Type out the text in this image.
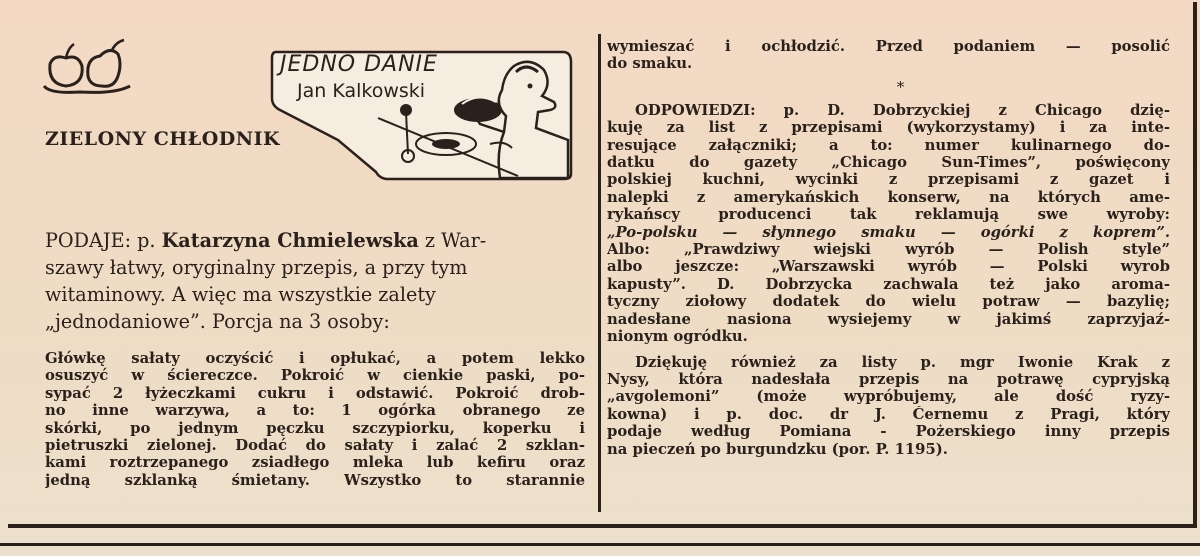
ZIELONY CHŁODNIK
JEDNO DANIE
Jan Kalkowski
PODAJE: p. Katarzyna Chmielewska z War-
szawy łatwy, oryginalny przepis, a przy tym
witaminowy. A więc ma wszystkie zalety
„jednodaniowe”. Porcja na 3 osoby:
Główkę sałaty oczyścić i opłukać, a potem lekko
osuszyć w ściereczce. Pokroić w cienkie paski, po-
sypać 2 łyżeczkami cukru i odstawić. Pokroić drob-
no inne warzywa, a to: 1 ogórka obranego ze
skórki, po jednym pęczku szczypiorku, koperku i
pietruszki zielonej. Dodać do sałaty i zalać 2 szklan-
kami roztrzepanego zsiadłego mleka lub kefiru oraz
jedną szklanką śmietany. Wszystko to starannie
wymieszać i ochłodzić. Przed podaniem — posolić
do smaku.
*
ODPOWIEDZI: p. D. Dobrzyckiej z Chicago dzię-
kuję za list z przepisami (wykorzystamy) i za inte-
resujące załączniki; a to: numer kulinarnego do-
datku do gazety „Chicago Sun-Times”, poświęcony
polskiej kuchni, wycinki z przepisami z gazet i
nalepki z amerykańskich konserw, na których ame-
rykańscy producenci tak reklamują swe wyroby:
„Po-polsku — słynnego smaku — ogórki z koprem”.
Albo: „Prawdziwy wiejski wyrób — Polish style”
albo jeszcze: „Warszawski wyrób — Polski wyrob
kapusty”. D. Dobrzycka zachwala też jako aroma-
tyczny ziołowy dodatek do wielu potraw — bazylię;
nadesłane nasiona wysiejemy w jakimś zaprzyjaź-
nionym ogródku.
Dziękuję również za listy p. mgr Iwonie Krak z
Nysy, która nadesłała przepis na potrawę cypryjską
„avgolemoni” (może wypróbujemy, ale dość ryzy-
kowna) i p. doc. dr J. Černemu z Pragi, który
podaje według Pomiana - Pożerskiego inny przepis
na pieczeń po burgundzku (por. P. 1195).
